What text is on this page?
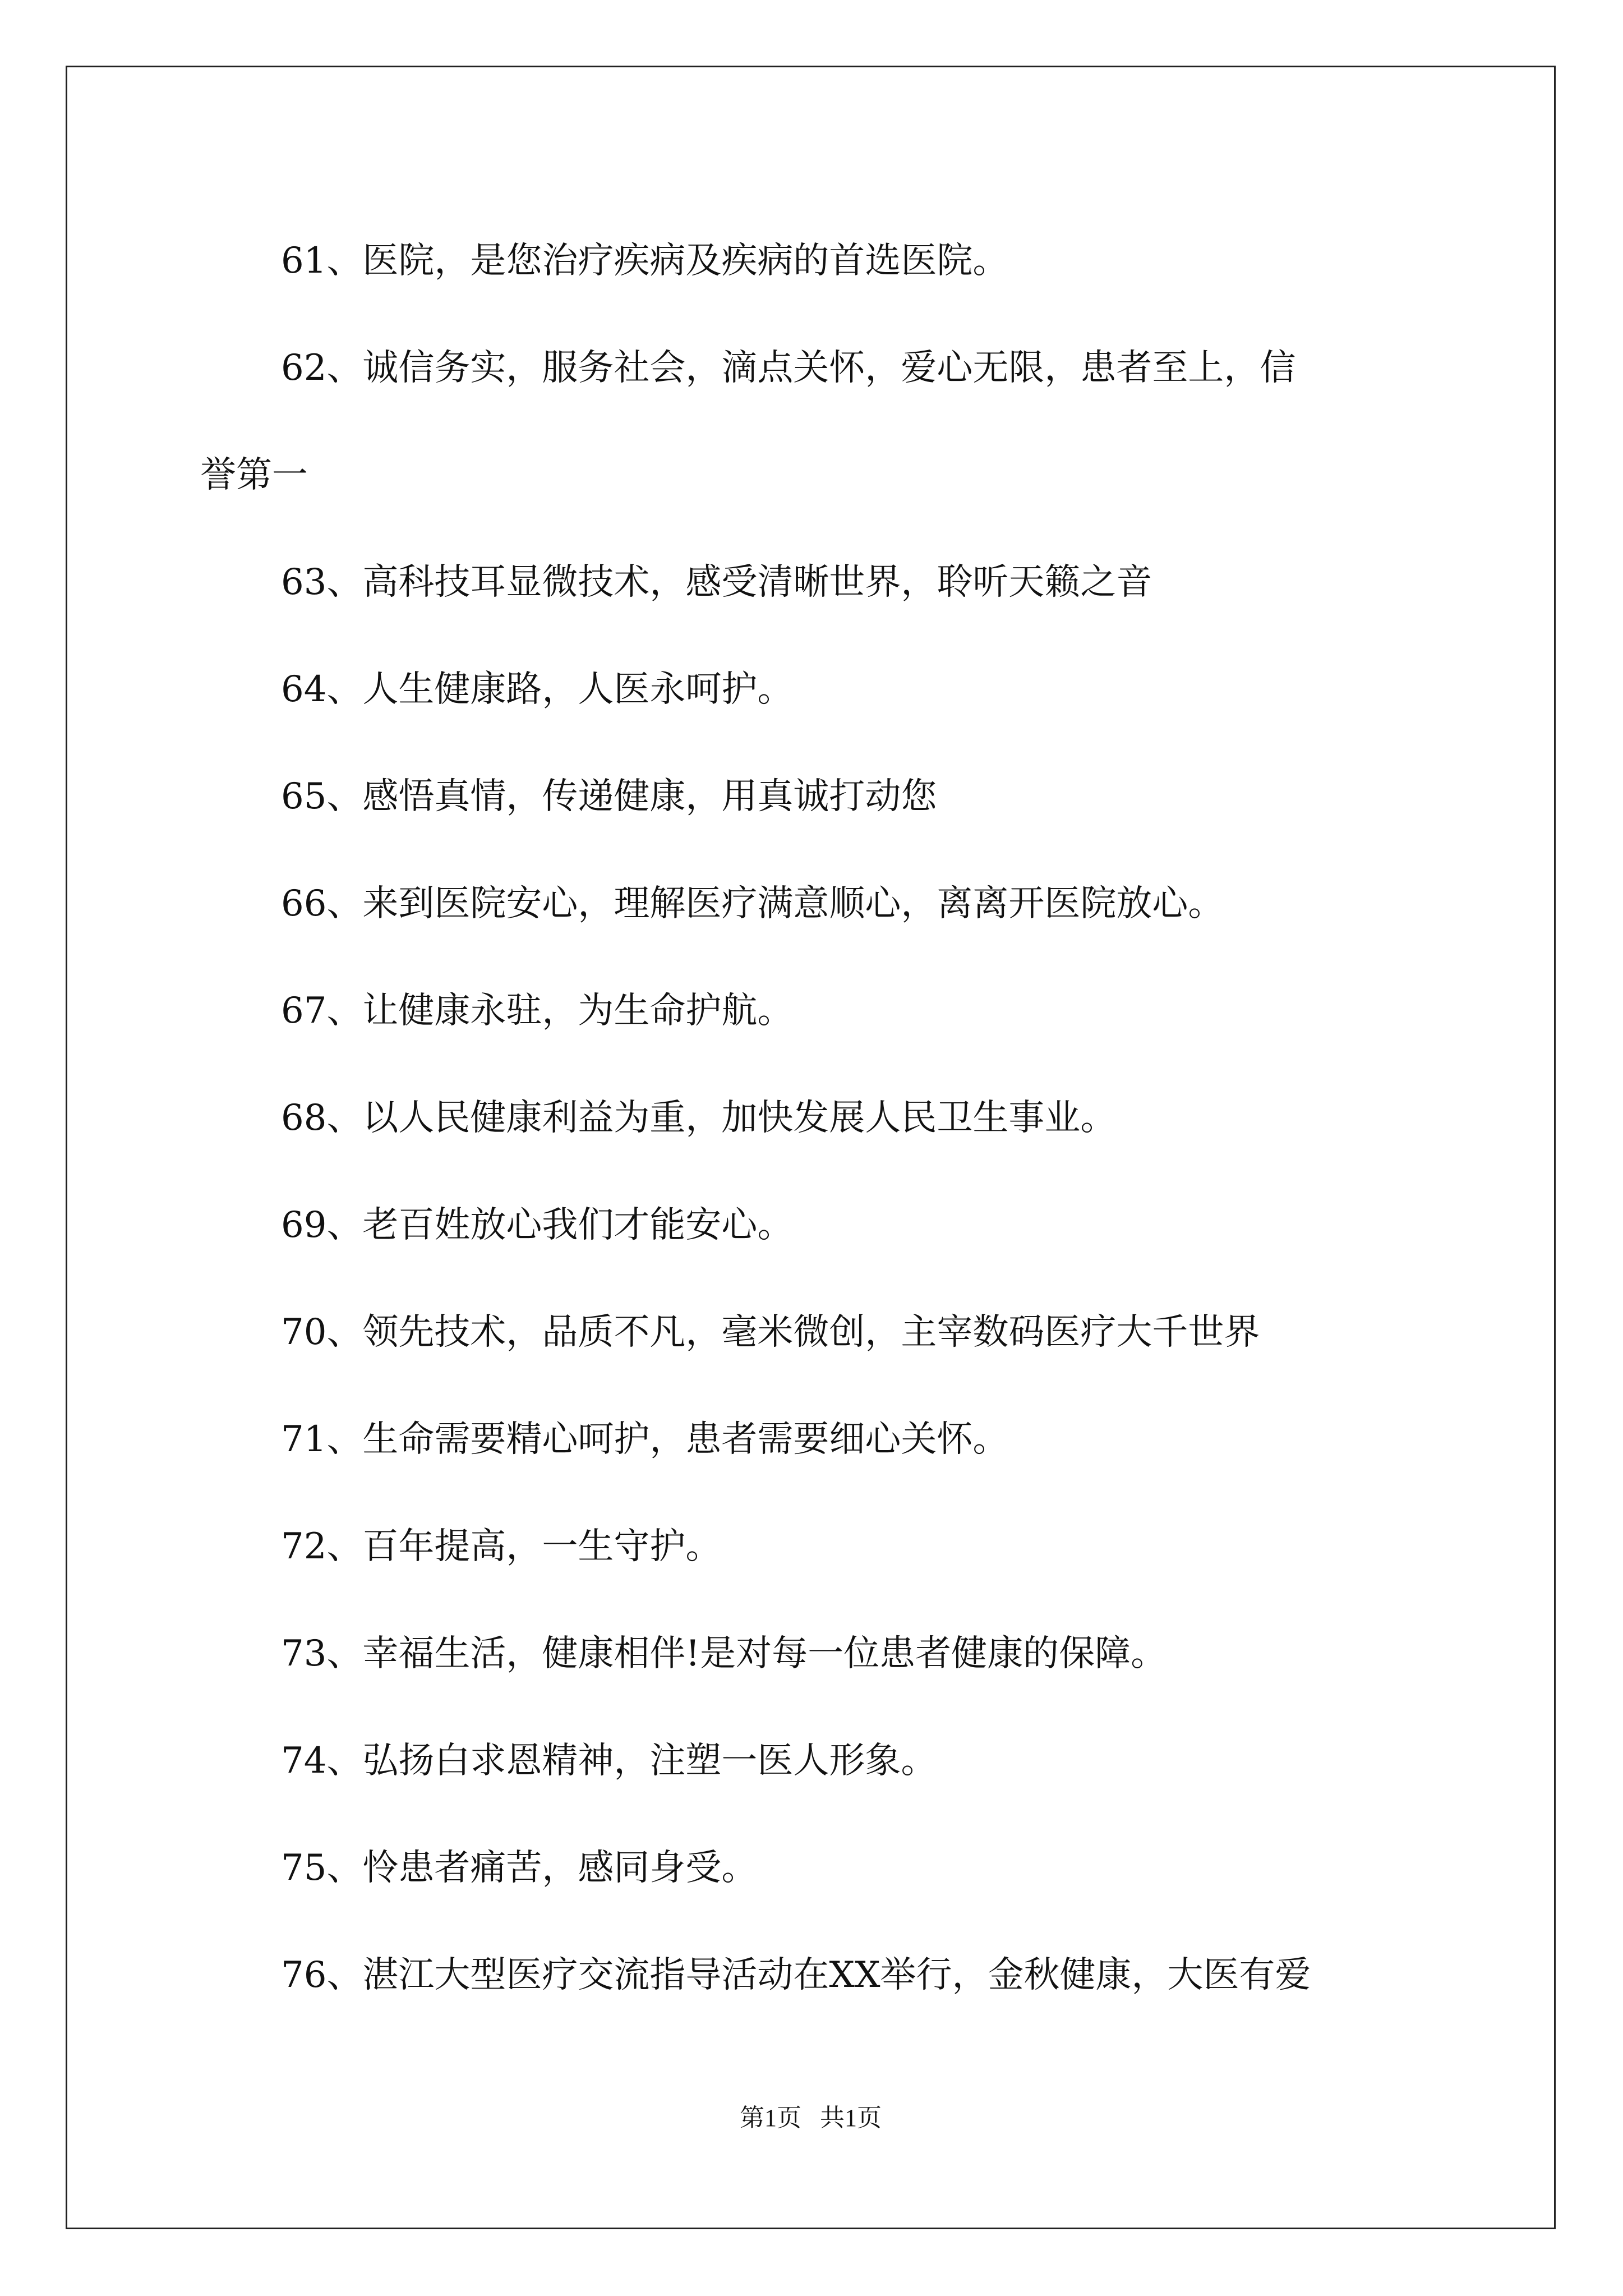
61、医院，是您治疗疾病及疾病的首选医院。
62、诚信务实，服务社会，滴点关怀，爱心无限，患者至上，信
誉第一
63、高科技耳显微技术，感受清晰世界，聆听天籁之音
64、人生健康路，人医永呵护。
65、感悟真情，传递健康，用真诚打动您
66、来到医院安心，理解医疗满意顺心，离离开医院放心。
67、让健康永驻，为生命护航。
68、以人民健康利益为重，加快发展人民卫生事业。
69、老百姓放心我们才能安心。
70、领先技术，品质不凡，毫米微创，主宰数码医疗大千世界
71、生命需要精心呵护，患者需要细心关怀。
72、百年提高，一生守护。
73、幸福生活，健康相伴!是对每一位患者健康的保障。
74、弘扬白求恩精神，注塑一医人形象。
75、怜患者痛苦，感同身受。
76、湛江大型医疗交流指导活动在XX举行，金秋健康，大医有爱
第1页   共1页
